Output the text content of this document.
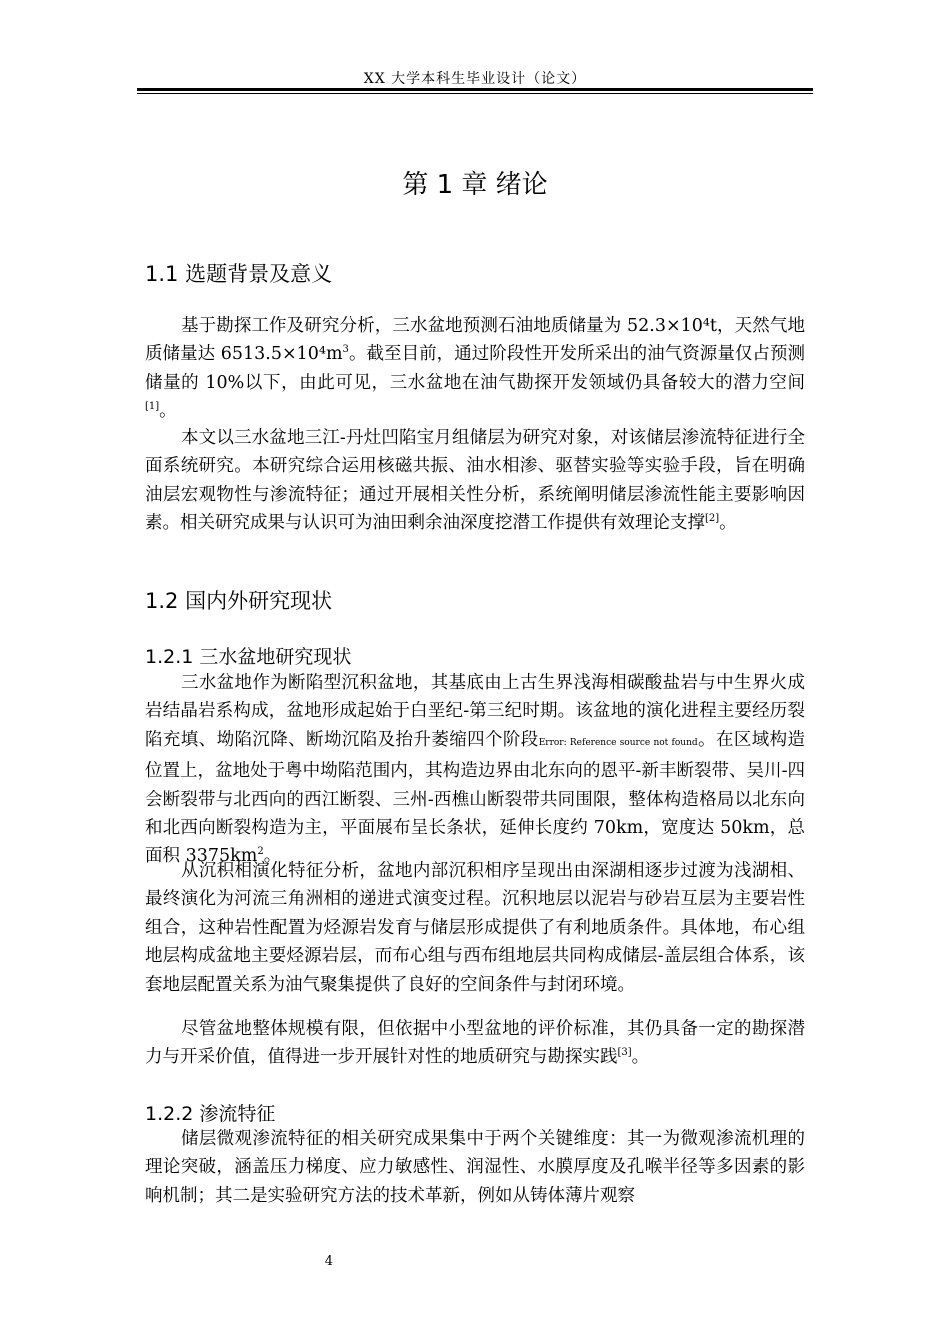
XX 大学本科生毕业设计（论文）
第 1 章 绪论
1.1 选题背景及意义

基于勘探工作及研究分析，三水盆地预测石油地质储量为 52.3×10⁴t，天然气地质储量达 $6513.5\times 10^4m^3$。截至目前，通过阶段性开发所采出的油气资源量仅占预测储量的 10%以下，由此可见，三水盆地在油气勘探开发领域仍具备较大的潜力空间[1]。

本文以三水盆地三江-丹灶凹陷宝月组储层为研究对象，对该储层渗流特征进行全面系统研究。本研究综合运用核磁共振、油水相渗、驱替实验等实验手段，旨在明确油层宏观物性与渗流特征；通过开展相关性分析，系统阐明储层渗流性能主要影响因素。相关研究成果与认识可为油田剩余油深度挖潜工作提供有效理论支撑[2]。

1.2 国内外研究现状
1.2.1 三水盆地研究现状

三水盆地作为断陷型沉积盆地，其基底由上古生界浅海相碳酸盐岩与中生界火成岩结晶岩系构成，盆地形成起始于白垩纪-第三纪时期。该盆地的演化进程主要经历裂陷充填、坳陷沉降、断坳沉陷及抬升萎缩四个阶段Error: Reference source not found。在区域构造位置上，盆地处于粤中坳陷范围内，其构造边界由北东向的恩平-新丰断裂带、吴川-四会断裂带与北西向的西江断裂、三州-西樵山断裂带共同围限，整体构造格局以北东向和北西向断裂构造为主，平面展布呈长条状，延伸长度约 70km，宽度达 50km，总面积 $3375km^2$。

从沉积相演化特征分析，盆地内部沉积相序呈现出由深湖相逐步过渡为浅湖相、最终演化为河流三角洲相的递进式演变过程。沉积地层以泥岩与砂岩互层为主要岩性组合，这种岩性配置为烃源岩发育与储层形成提供了有利地质条件。具体地，布心组地层构成盆地主要烃源岩层，而布心组与西布组地层共同构成储层-盖层组合体系，该套地层配置关系为油气聚集提供了良好的空间条件与封闭环境。

尽管盆地整体规模有限，但依据中小型盆地的评价标准，其仍具备一定的勘探潜力与开采价值，值得进一步开展针对性的地质研究与勘探实践[3]。

1.2.2 渗流特征

储层微观渗流特征的相关研究成果集中于两个关键维度：其一为微观渗流机理的理论突破，涵盖压力梯度、应力敏感性、润湿性、水膜厚度及孔喉半径等多因素的影响机制；其二是实验研究方法的技术革新，例如从铸体薄片观察

4
